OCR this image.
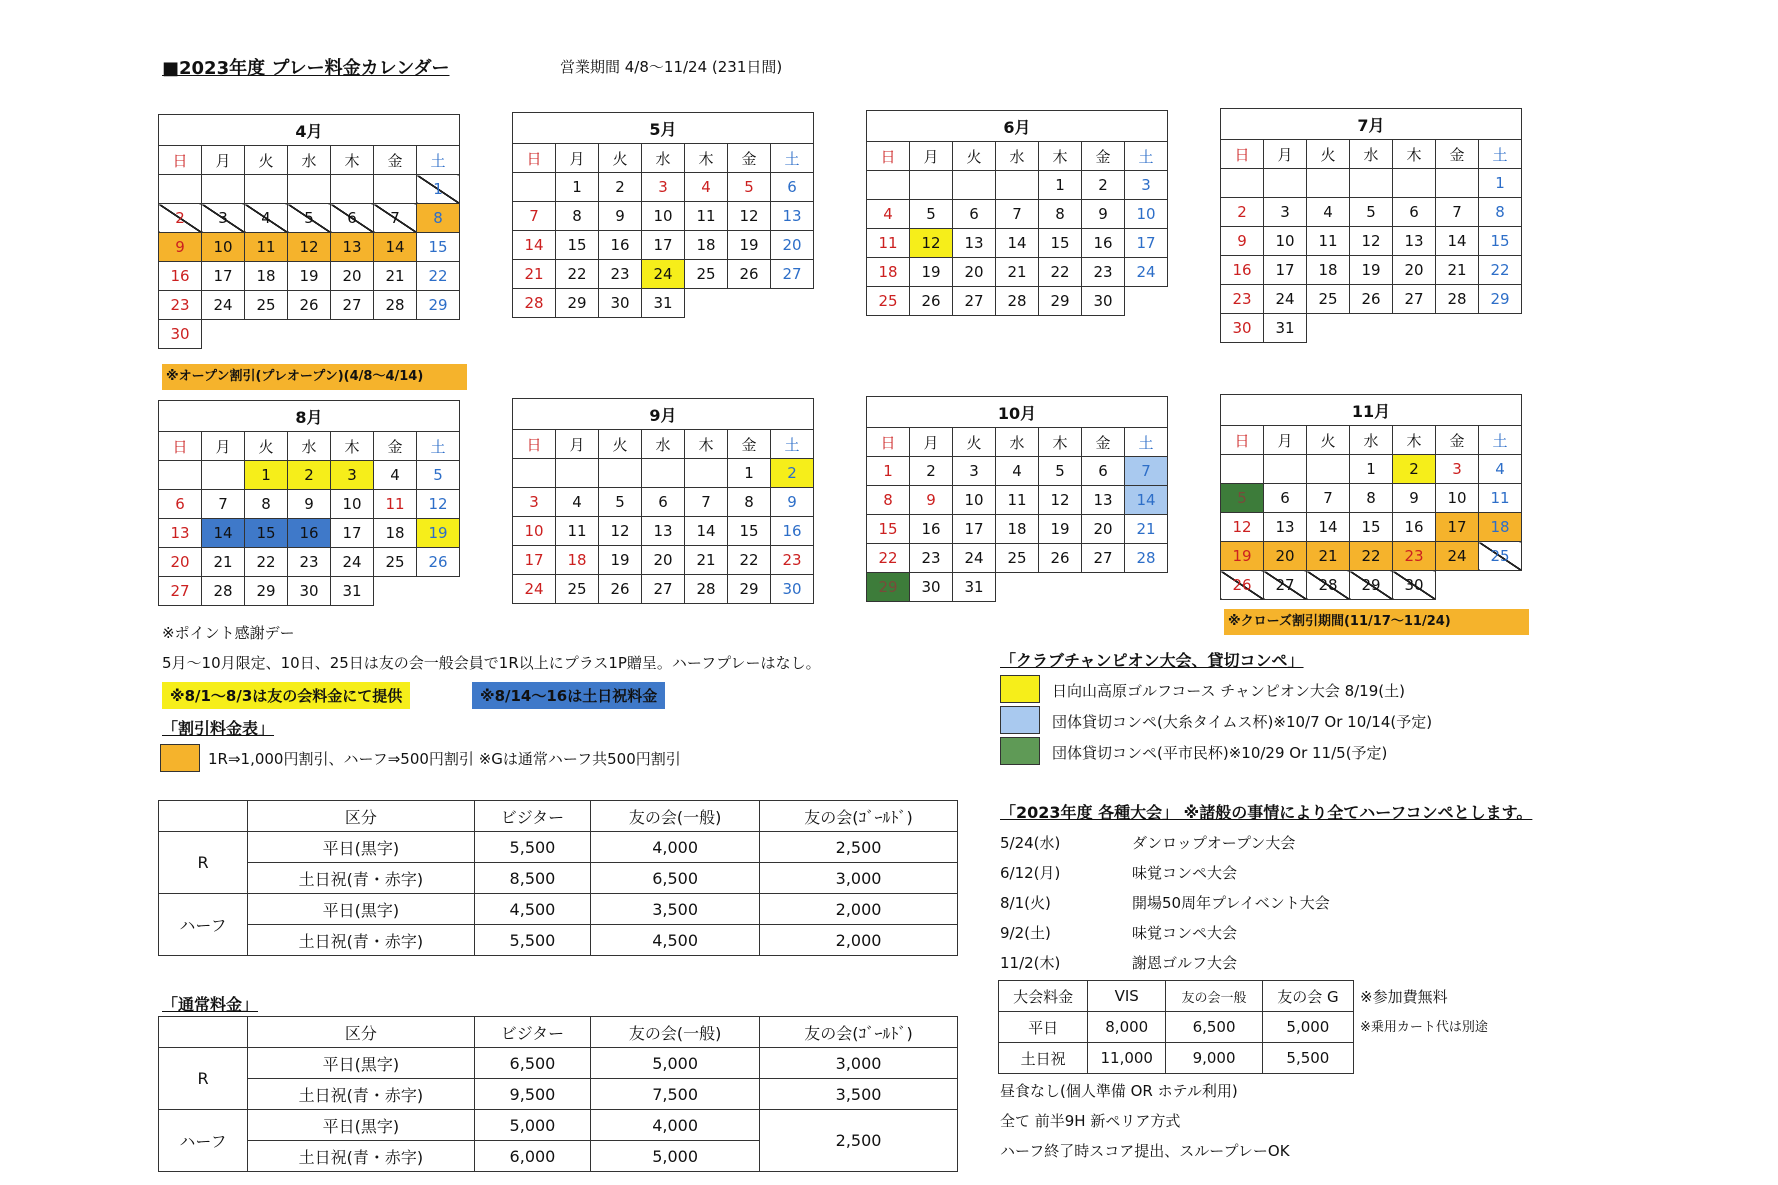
■2023年度 プレー料金カレンダー	営業期間 4/8～11/24 (231日間)
4月						
日	月	火	水	木	金	土
						1
2	3	4	5	6	7	8
9	10	11	12	13	14	15
16	17	18	19	20	21	22
23	24	25	26	27	28	29
30						
5月						
日	月	火	水	木	金	土
	1	2	3	4	5	6
7	8	9	10	11	12	13
14	15	16	17	18	19	20
21	22	23	24	25	26	27
28	29	30	31			
6月						
日	月	火	水	木	金	土
				1	2	3
4	5	6	7	8	9	10
11	12	13	14	15	16	17
18	19	20	21	22	23	24
25	26	27	28	29	30	
7月						
日	月	火	水	木	金	土
						1
2	3	4	5	6	7	8
9	10	11	12	13	14	15
16	17	18	19	20	21	22
23	24	25	26	27	28	29
30	31					
8月						
日	月	火	水	木	金	土
		1	2	3	4	5
6	7	8	9	10	11	12
13	14	15	16	17	18	19
20	21	22	23	24	25	26
27	28	29	30	31		
9月						
日	月	火	水	木	金	土
					1	2
3	4	5	6	7	8	9
10	11	12	13	14	15	16
17	18	19	20	21	22	23
24	25	26	27	28	29	30
10月						
日	月	火	水	木	金	土
1	2	3	4	5	6	7
8	9	10	11	12	13	14
15	16	17	18	19	20	21
22	23	24	25	26	27	28
29	30	31				
11月						
日	月	火	水	木	金	土
			1	2	3	4
5	6	7	8	9	10	11
12	13	14	15	16	17	18
19	20	21	22	23	24	25
26	27	28	29	30		
※オープン割引(プレオープン)(4/8～4/14)
※クローズ割引期間(11/17～11/24)
※ポイント感謝デー
5月～10月限定、10日、25日は友の会一般会員で1R以上にプラス1P贈呈。ハーフプレーはなし。
※8/1～8/3は友の会料金にて提供	※8/14～16は土日祝料金
「割引料金表」
1R⇒1,000円割引、ハーフ⇒500円割引 ※Gは通常ハーフ共500円割引
「クラブチャンピオン大会、貸切コンペ」
日向山高原ゴルフコース チャンピオン大会 8/19(土)
団体貸切コンペ(大糸タイムス杯)※10/7 Or 10/14(予定)
団体貸切コンペ(平市民杯)※10/29 Or 11/5(予定)
	区分	ビジター	友の会(一般)	友の会(ｺﾞｰﾙﾄﾞ)
R	平日(黒字)	5,500	4,000	2,500
	土日祝(青・赤字)	8,500	6,500	3,000
ハーフ	平日(黒字)	4,500	3,500	2,000
	土日祝(青・赤字)	5,500	4,500	2,000
「通常料金」
	区分	ビジター	友の会(一般)	友の会(ｺﾞｰﾙﾄﾞ)
R	平日(黒字)	6,500	5,000	3,000
	土日祝(青・赤字)	9,500	7,500	3,500
ハーフ	平日(黒字)	5,000	4,000	2,500
	土日祝(青・赤字)	6,000	5,000	
「2023年度 各種大会」 ※諸般の事情により全てハーフコンペとします。
5/24(水)	ダンロップオープン大会
6/12(月)	味覚コンペ大会
8/1(火)	開場50周年プレイベント大会
9/2(土)	味覚コンペ大会
11/2(木)	謝恩ゴルフ大会
大会料金	VIS	友の会一般	友の会 G
平日	8,000	6,500	5,000
土日祝	11,000	9,000	5,500
※参加費無料
※乗用カート代は別途
昼食なし(個人準備 OR ホテル利用)
全て 前半9H 新ペリア方式
ハーフ終了時スコア提出、スループレーOK
